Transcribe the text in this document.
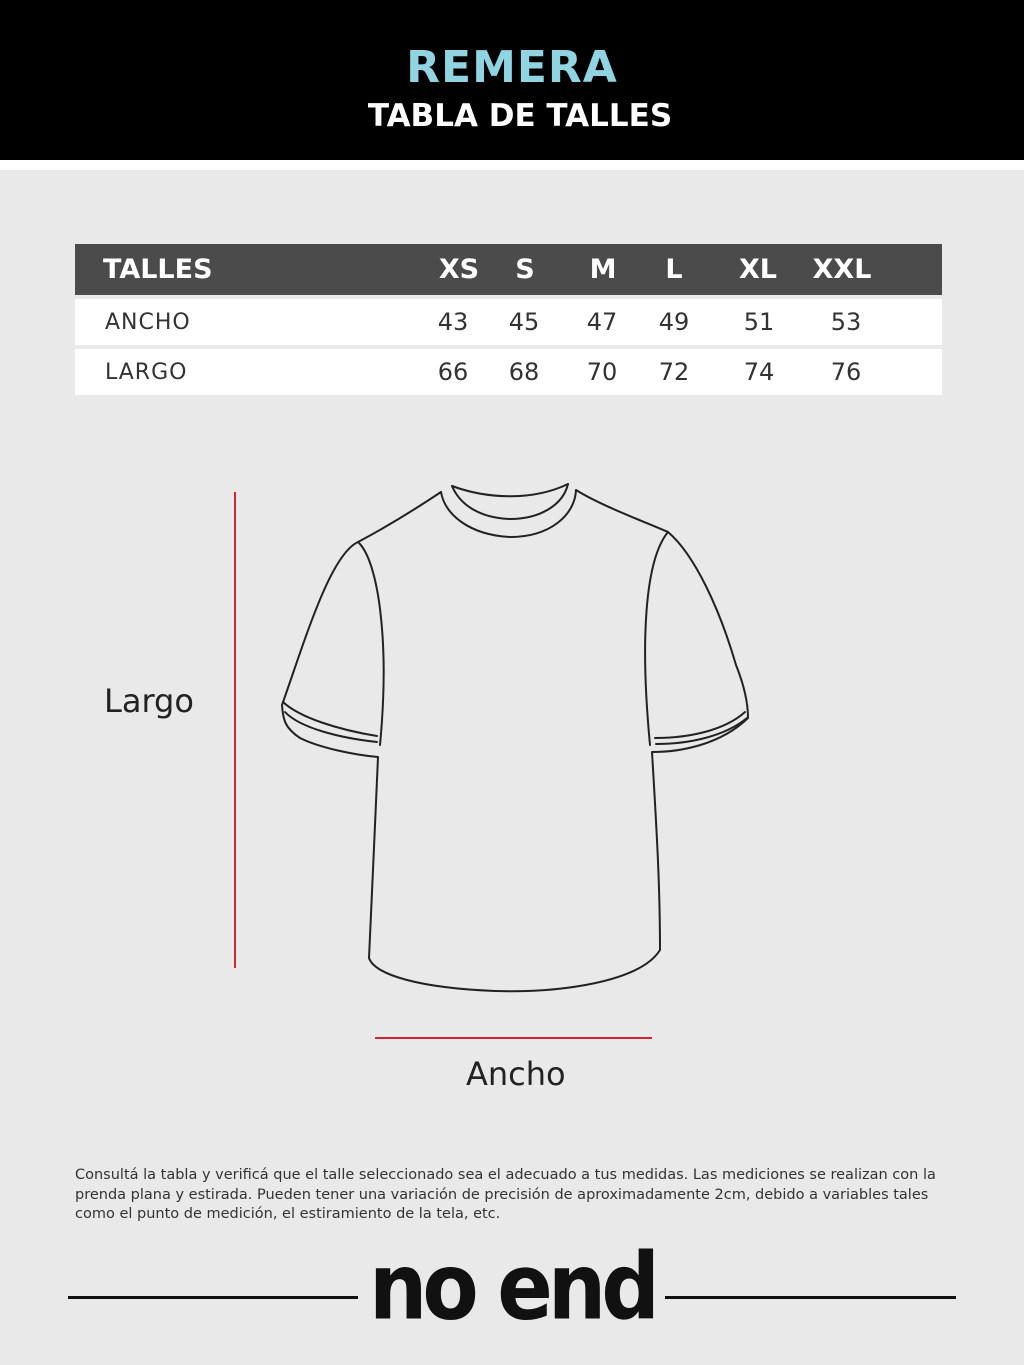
REMERA
TABLA DE TALLES
TALLES	XS	S	M	L	XL	XXL
ANCHO	43	45	47	49	51	53
LARGO	66	68	70	72	74	76
Largo
Ancho
Consultá la tabla y verificá que el talle seleccionado sea el adecuado a tus medidas. Las mediciones se realizan con la prenda plana y estirada. Pueden tener una variación de precisión de aproximadamente 2cm, debido a variables tales como el punto de medición, el estiramiento de la tela, etc.
no end
